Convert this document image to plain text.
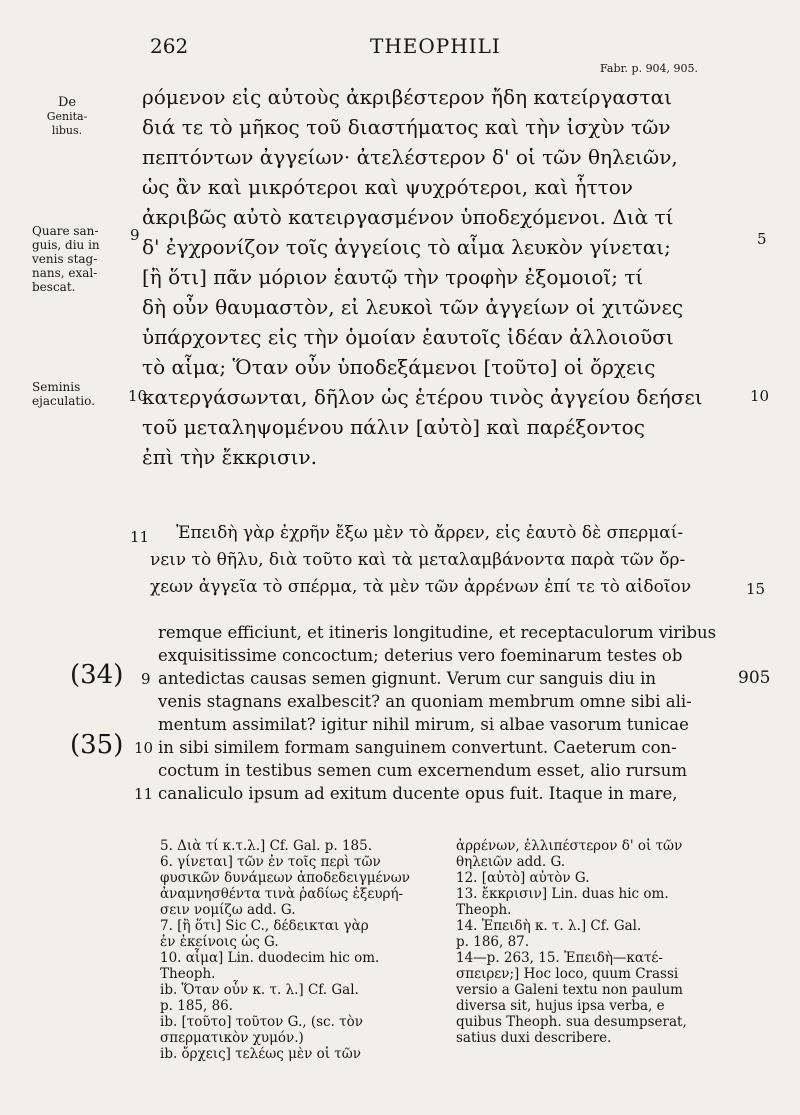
262	THEOPHILI
Fabr. p. 904, 905.
De
Genita-
libus.
Quare san-
guis, diu in
venis stag-
nans, exal-
bescat.
Seminis
ejaculatio.
ρόμενον εἰς αὐτοὺς ἀκριβέστερον ἤδη κατείργασται
διά τε τὸ μῆκος τοῦ διαστήματος καὶ τὴν ἰσχὺν τῶν
πεπτόντων ἀγγείων· ἀτελέστερον δ' οἱ τῶν θηλειῶν,
ὡς ἂν καὶ μικρότεροι καὶ ψυχρότεροι, καὶ ἧττον
ἀκριβῶς αὐτὸ κατειργασμένον ὑποδεχόμενοι. Διὰ τί
δ' ἐγχρονίζον τοῖς ἀγγείοις τὸ αἷμα λευκὸν γίνεται;
[ἢ ὅτι] πᾶν μόριον ἑαυτῷ τὴν τροφὴν ἐξομοιοῖ; τί
δὴ οὖν θαυμαστὸν, εἰ λευκοὶ τῶν ἀγγείων οἱ χιτῶνες
ὑπάρχοντες εἰς τὴν ὁμοίαν ἑαυτοῖς ἰδέαν ἀλλοιοῦσι
τὸ αἷμα; Ὅταν οὖν ὑποδεξάμενοι [τοῦτο] οἱ ὄρχεις
κατεργάσωνται, δῆλον ὡς ἑτέρου τινὸς ἀγγείου δεήσει
τοῦ μεταληψομένου πάλιν [αὐτὸ] καὶ παρέξοντος
ἐπὶ τὴν ἔκκρισιν.
9	5
10	10
11	Ἐπειδὴ γὰρ ἐχρῆν ἔξω μὲν τὸ ἄρρεν, εἰς ἑαυτὸ δὲ σπερμαί-
νειν τὸ θῆλυ, διὰ τοῦτο καὶ τὰ μεταλαμβάνοντα παρὰ τῶν ὄρ-
χεων ἀγγεῖα τὸ σπέρμα, τὰ μὲν τῶν ἀρρένων ἐπί τε τὸ αἰδοῖον	15
remque efficiunt, et itineris longitudine, et receptaculorum viribus
exquisitissime concoctum; deterius vero foeminarum testes ob
antedictas causas semen gignunt. Verum cur sanguis diu in
venis stagnans exalbescit? an quoniam membrum omne sibi ali-
mentum assimilat? igitur nihil mirum, si albae vasorum tunicae
in sibi similem formam sanguinem convertunt. Caeterum con-
coctum in testibus semen cum excernendum esset, alio rursum
canaliculo ipsum ad exitum ducente opus fuit. Itaque in mare,
9
10
11
905
(34)
(35)
5. Διὰ τί κ.τ.λ.] Cf. Gal. p. 185.
6. γίνεται] τῶν ἐν τοῖς περὶ τῶν
φυσικῶν δυνάμεων ἀποδεδειγμένων
ἀναμνησθέντα τινὰ ῥαδίως ἐξευρή-
σειν νομίζω add. G.
7. [ἢ ὅτι] Sic C., δέδεικται γὰρ
ἐν ἐκείνοις ὡς G.
10. αἷμα] Lin. duodecim hic om.
Theoph.
ib. Ὅταν οὖν κ. τ. λ.] Cf. Gal.
p. 185, 86.
ib. [τοῦτο] τοῦτον G., (sc. τὸν
σπερματικὸν χυμόν.)
ib. ὄρχεις] τελέως μὲν οἱ τῶν
ἀρρένων, ἐλλιπέστερον δ' οἱ τῶν
θηλειῶν add. G.
12. [αὐτὸ] αὐτὸν G.
13. ἔκκρισιν] Lin. duas hic om.
Theoph.
14. Ἐπειδὴ κ. τ. λ.] Cf. Gal.
p. 186, 87.
14—p. 263, 15. Ἐπειδὴ—κατέ-
σπειρεν;] Hoc loco, quum Crassi
versio a Galeni textu non paulum
diversa sit, hujus ipsa verba, e
quibus Theoph. sua desumpserat,
satius duxi describere.
